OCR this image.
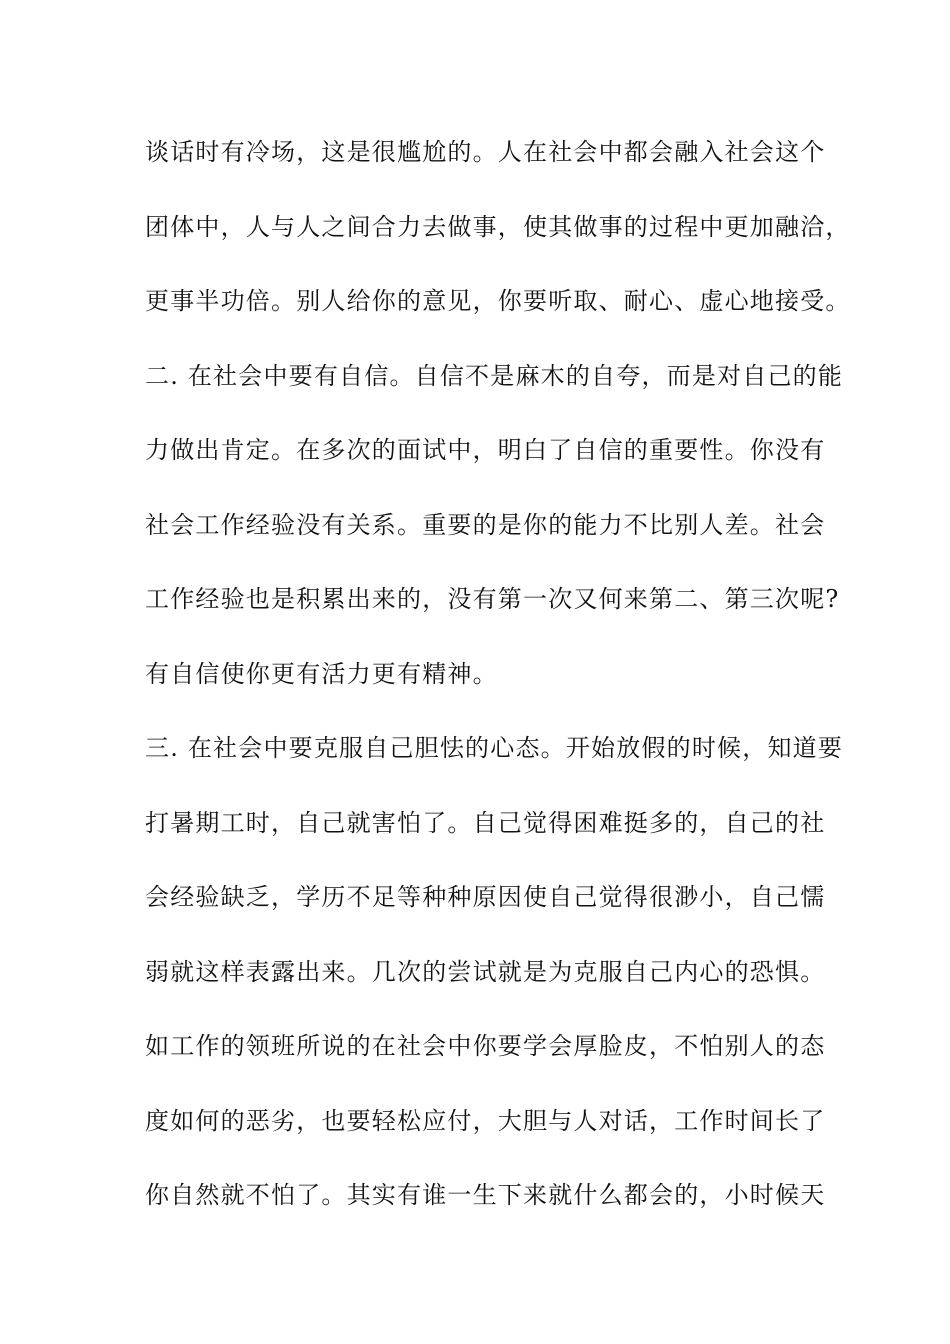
谈话时有冷场，这是很尴尬的。人在社会中都会融入社会这个
团体中，人与人之间合力去做事，使其做事的过程中更加融洽，
更事半功倍。别人给你的意见，你要听取、耐心、虚心地接受。
二. 在社会中要有自信。自信不是麻木的自夸，而是对自己的能
力做出肯定。在多次的面试中，明白了自信的重要性。你没有
社会工作经验没有关系。重要的是你的能力不比别人差。社会
工作经验也是积累出来的，没有第一次又何来第二、第三次呢?
有自信使你更有活力更有精神。
三. 在社会中要克服自己胆怯的心态。开始放假的时候，知道要
打暑期工时，自己就害怕了。自己觉得困难挺多的，自己的社
会经验缺乏，学历不足等种种原因使自己觉得很渺小，自己懦
弱就这样表露出来。几次的尝试就是为克服自己内心的恐惧。
如工作的领班所说的在社会中你要学会厚脸皮，不怕别人的态
度如何的恶劣，也要轻松应付，大胆与人对话，工作时间长了
你自然就不怕了。其实有谁一生下来就什么都会的，小时候天
